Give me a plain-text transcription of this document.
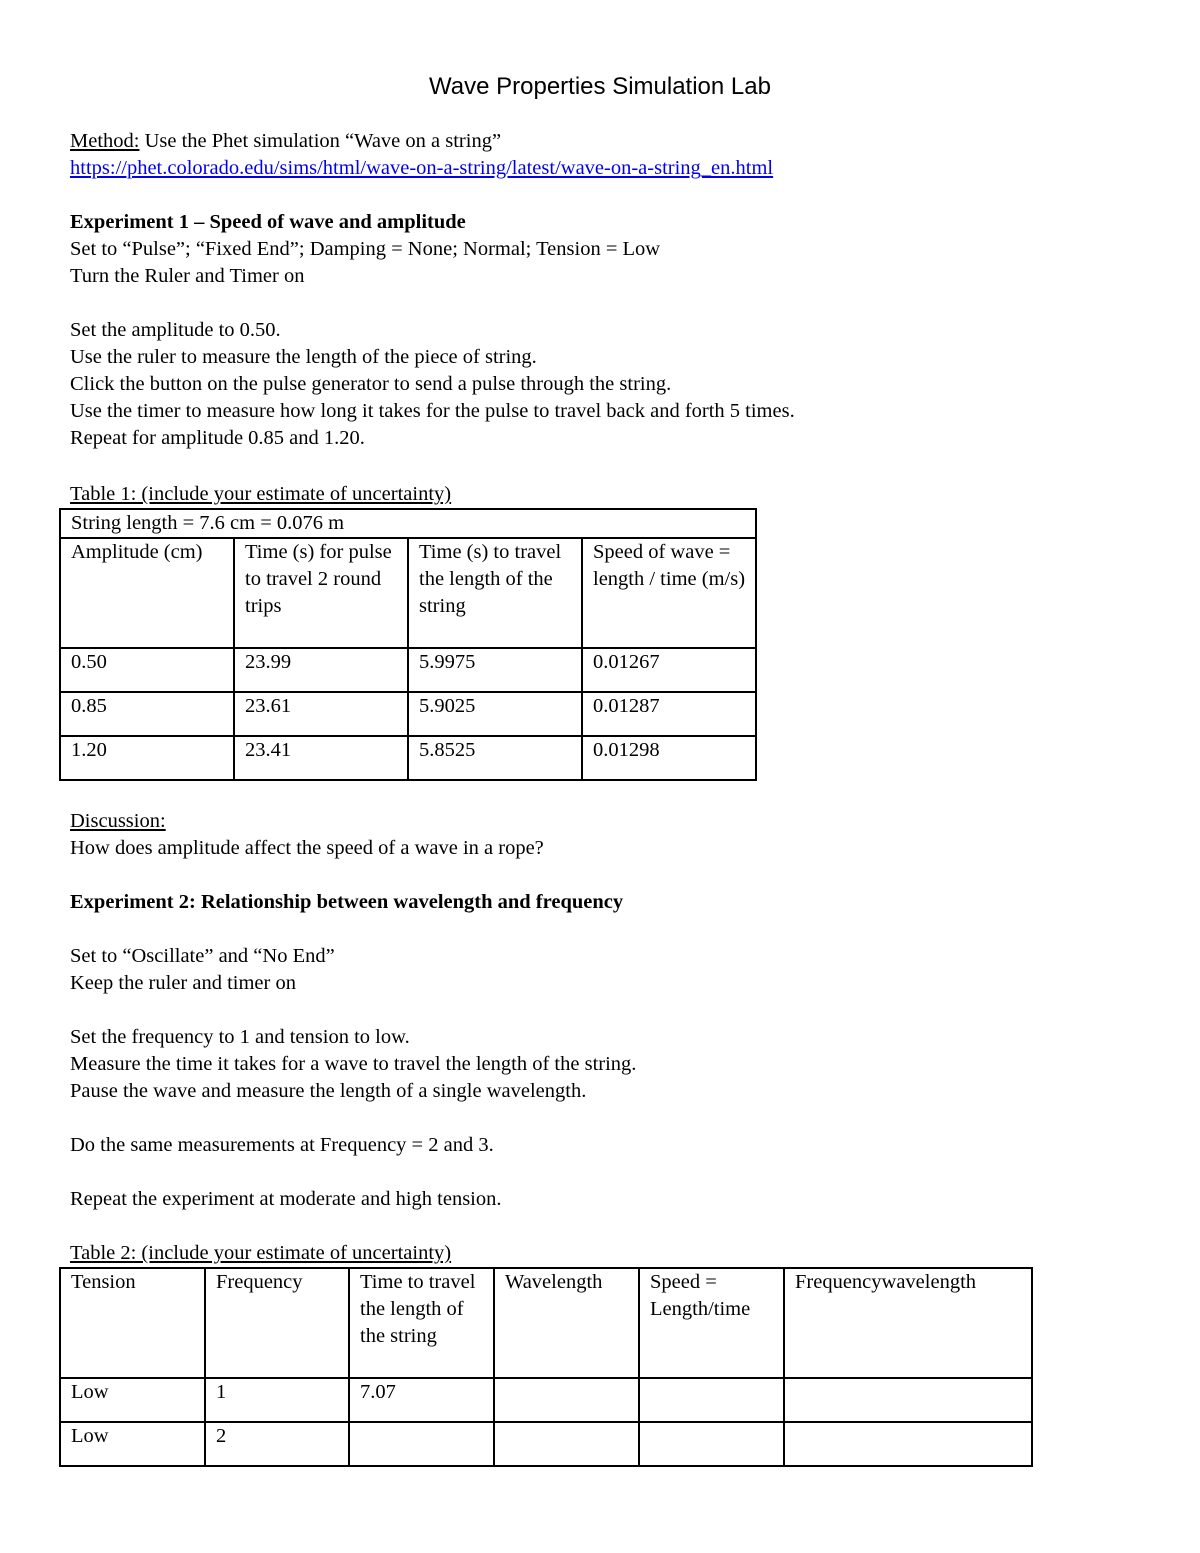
Wave Properties Simulation Lab
Method: Use the Phet simulation “Wave on a string”
https://phet.colorado.edu/sims/html/wave-on-a-string/latest/wave-on-a-string_en.html
Experiment 1 – Speed of wave and amplitude
Set to “Pulse”; “Fixed End”; Damping = None; Normal; Tension = Low
Turn the Ruler and Timer on
Set the amplitude to 0.50.
Use the ruler to measure the length of the piece of string.
Click the button on the pulse generator to send a pulse through the string.
Use the timer to measure how long it takes for the pulse to travel back and forth 5 times.
Repeat for amplitude 0.85 and 1.20.
Table 1: (include your estimate of uncertainty)
String length = 7.6 cm = 0.076 m			
Amplitude (cm)	Time (s) for pulse to travel 2 round trips	Time (s) to travel the length of the string	Speed of wave = length / time (m/s)
0.50	23.99	5.9975	0.01267
0.85	23.61	5.9025	0.01287
1.20	23.41	5.8525	0.01298
Discussion:
How does amplitude affect the speed of a wave in a rope?
Experiment 2: Relationship between wavelength and frequency
Set to “Oscillate” and “No End”
Keep the ruler and timer on
Set the frequency to 1 and tension to low.
Measure the time it takes for a wave to travel the length of the string.
Pause the wave and measure the length of a single wavelength.
Do the same measurements at Frequency = 2 and 3.
Repeat the experiment at moderate and high tension.
Table 2: (include your estimate of uncertainty)
Tension	Frequency	Time to travel the length of the string	Wavelength	Speed = Length/time	Frequencywavelength
Low	1	7.07			
Low	2				
